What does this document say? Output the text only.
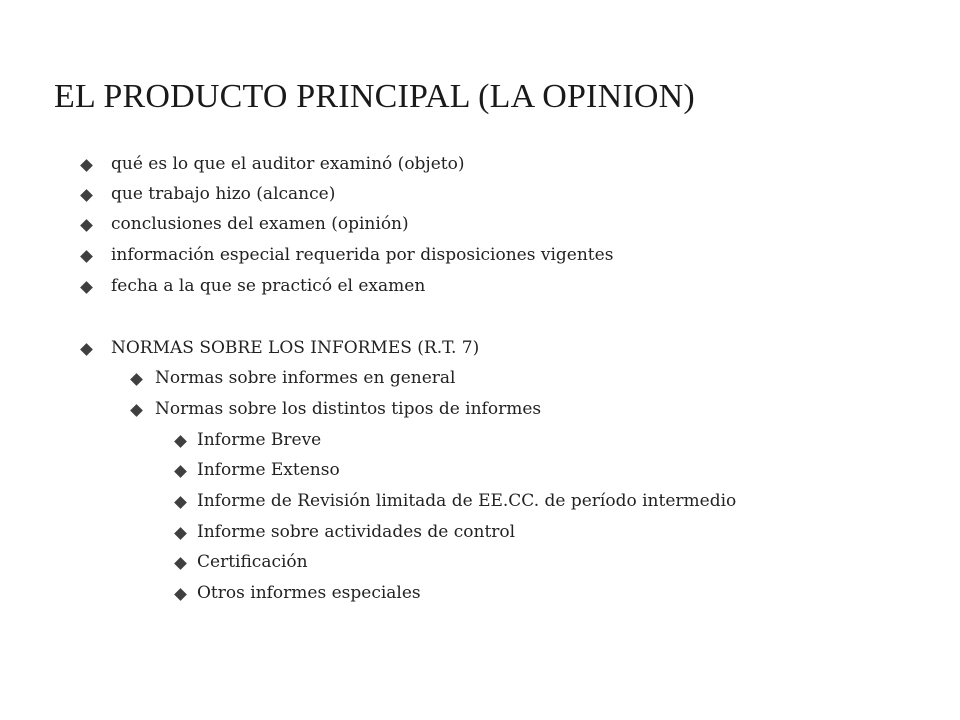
EL PRODUCTO PRINCIPAL (LA OPINION)
qué es lo que el auditor examinó (objeto)
que trabajo hizo (alcance)
conclusiones del examen (opinión)
información especial requerida por disposiciones vigentes
fecha a la que se practicó el examen
NORMAS SOBRE LOS INFORMES (R.T. 7)
Normas sobre informes en general
Normas sobre los distintos tipos de informes
Informe Breve
Informe Extenso
Informe de Revisión limitada de EE.CC. de período intermedio
Informe sobre actividades de control
Certificación
Otros informes especiales
